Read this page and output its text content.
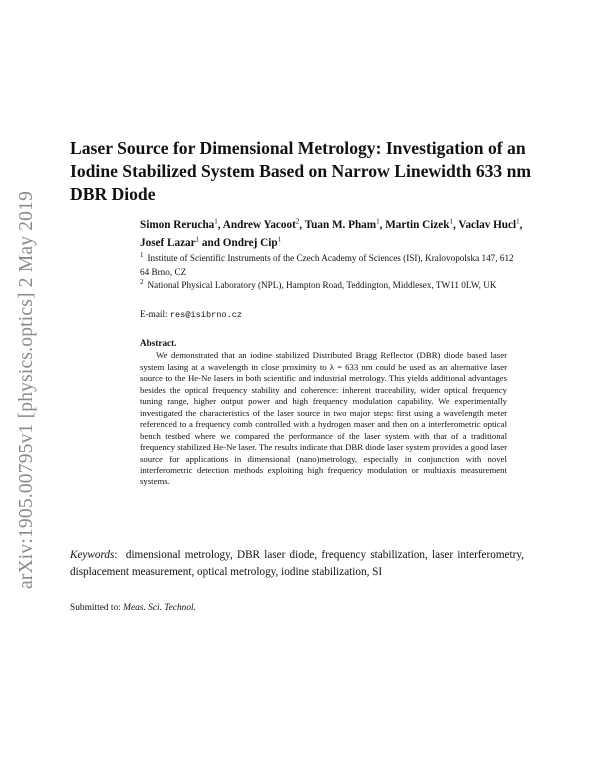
arXiv:1905.00795v1 [physics.optics] 2 May 2019
Laser Source for Dimensional Metrology: Investigation of an Iodine Stabilized System Based on Narrow Linewidth 633 nm DBR Diode
Simon Rerucha$^1$, Andrew Yacoot$^2$, Tuan M. Pham$^1$, Martin Cizek$^1$, Vaclav Hucl$^1$, Josef Lazar$^1$ and Ondrej Cip$^1$
$^1$ Institute of Scientific Instruments of the Czech Academy of Sciences (ISI), Kralovopolska 147, 612 64 Brno, CZ
$^2$ National Physical Laboratory (NPL), Hampton Road, Teddington, Middlesex, TW11 0LW, UK
E-mail: res@isibrno.cz
Abstract.
We demonstrated that an iodine stabilized Distributed Bragg Reflector (DBR) diode based laser system lasing at a wavelength in close proximity to λ = 633 nm could be used as an alternative laser source to the He-Ne lasers in both scientific and industrial metrology. This yields additional advantages besides the optical frequency stability and coherence: inherent traceability, wider optical frequency tuning range, higher output power and high frequency modulation capability. We experimentally investigated the characteristics of the laser source in two major steps: first using a wavelength meter referenced to a frequency comb controlled with a hydrogen maser and then on a interferometric optical bench testbed where we compared the performance of the laser system with that of a traditional frequency stabilized He-Ne laser. The results indicate that DBR diode laser system provides a good laser source for applications in dimensional (nano)metrology, especially in conjunction with novel interferometric detection methods exploiting high frequency modulation or multiaxis measurement systems.
Keywords:  dimensional metrology, DBR laser diode, frequency stabilization, laser interferometry, displacement measurement, optical metrology, iodine stabilization, SI
Submitted to: Meas. Sci. Technol.
